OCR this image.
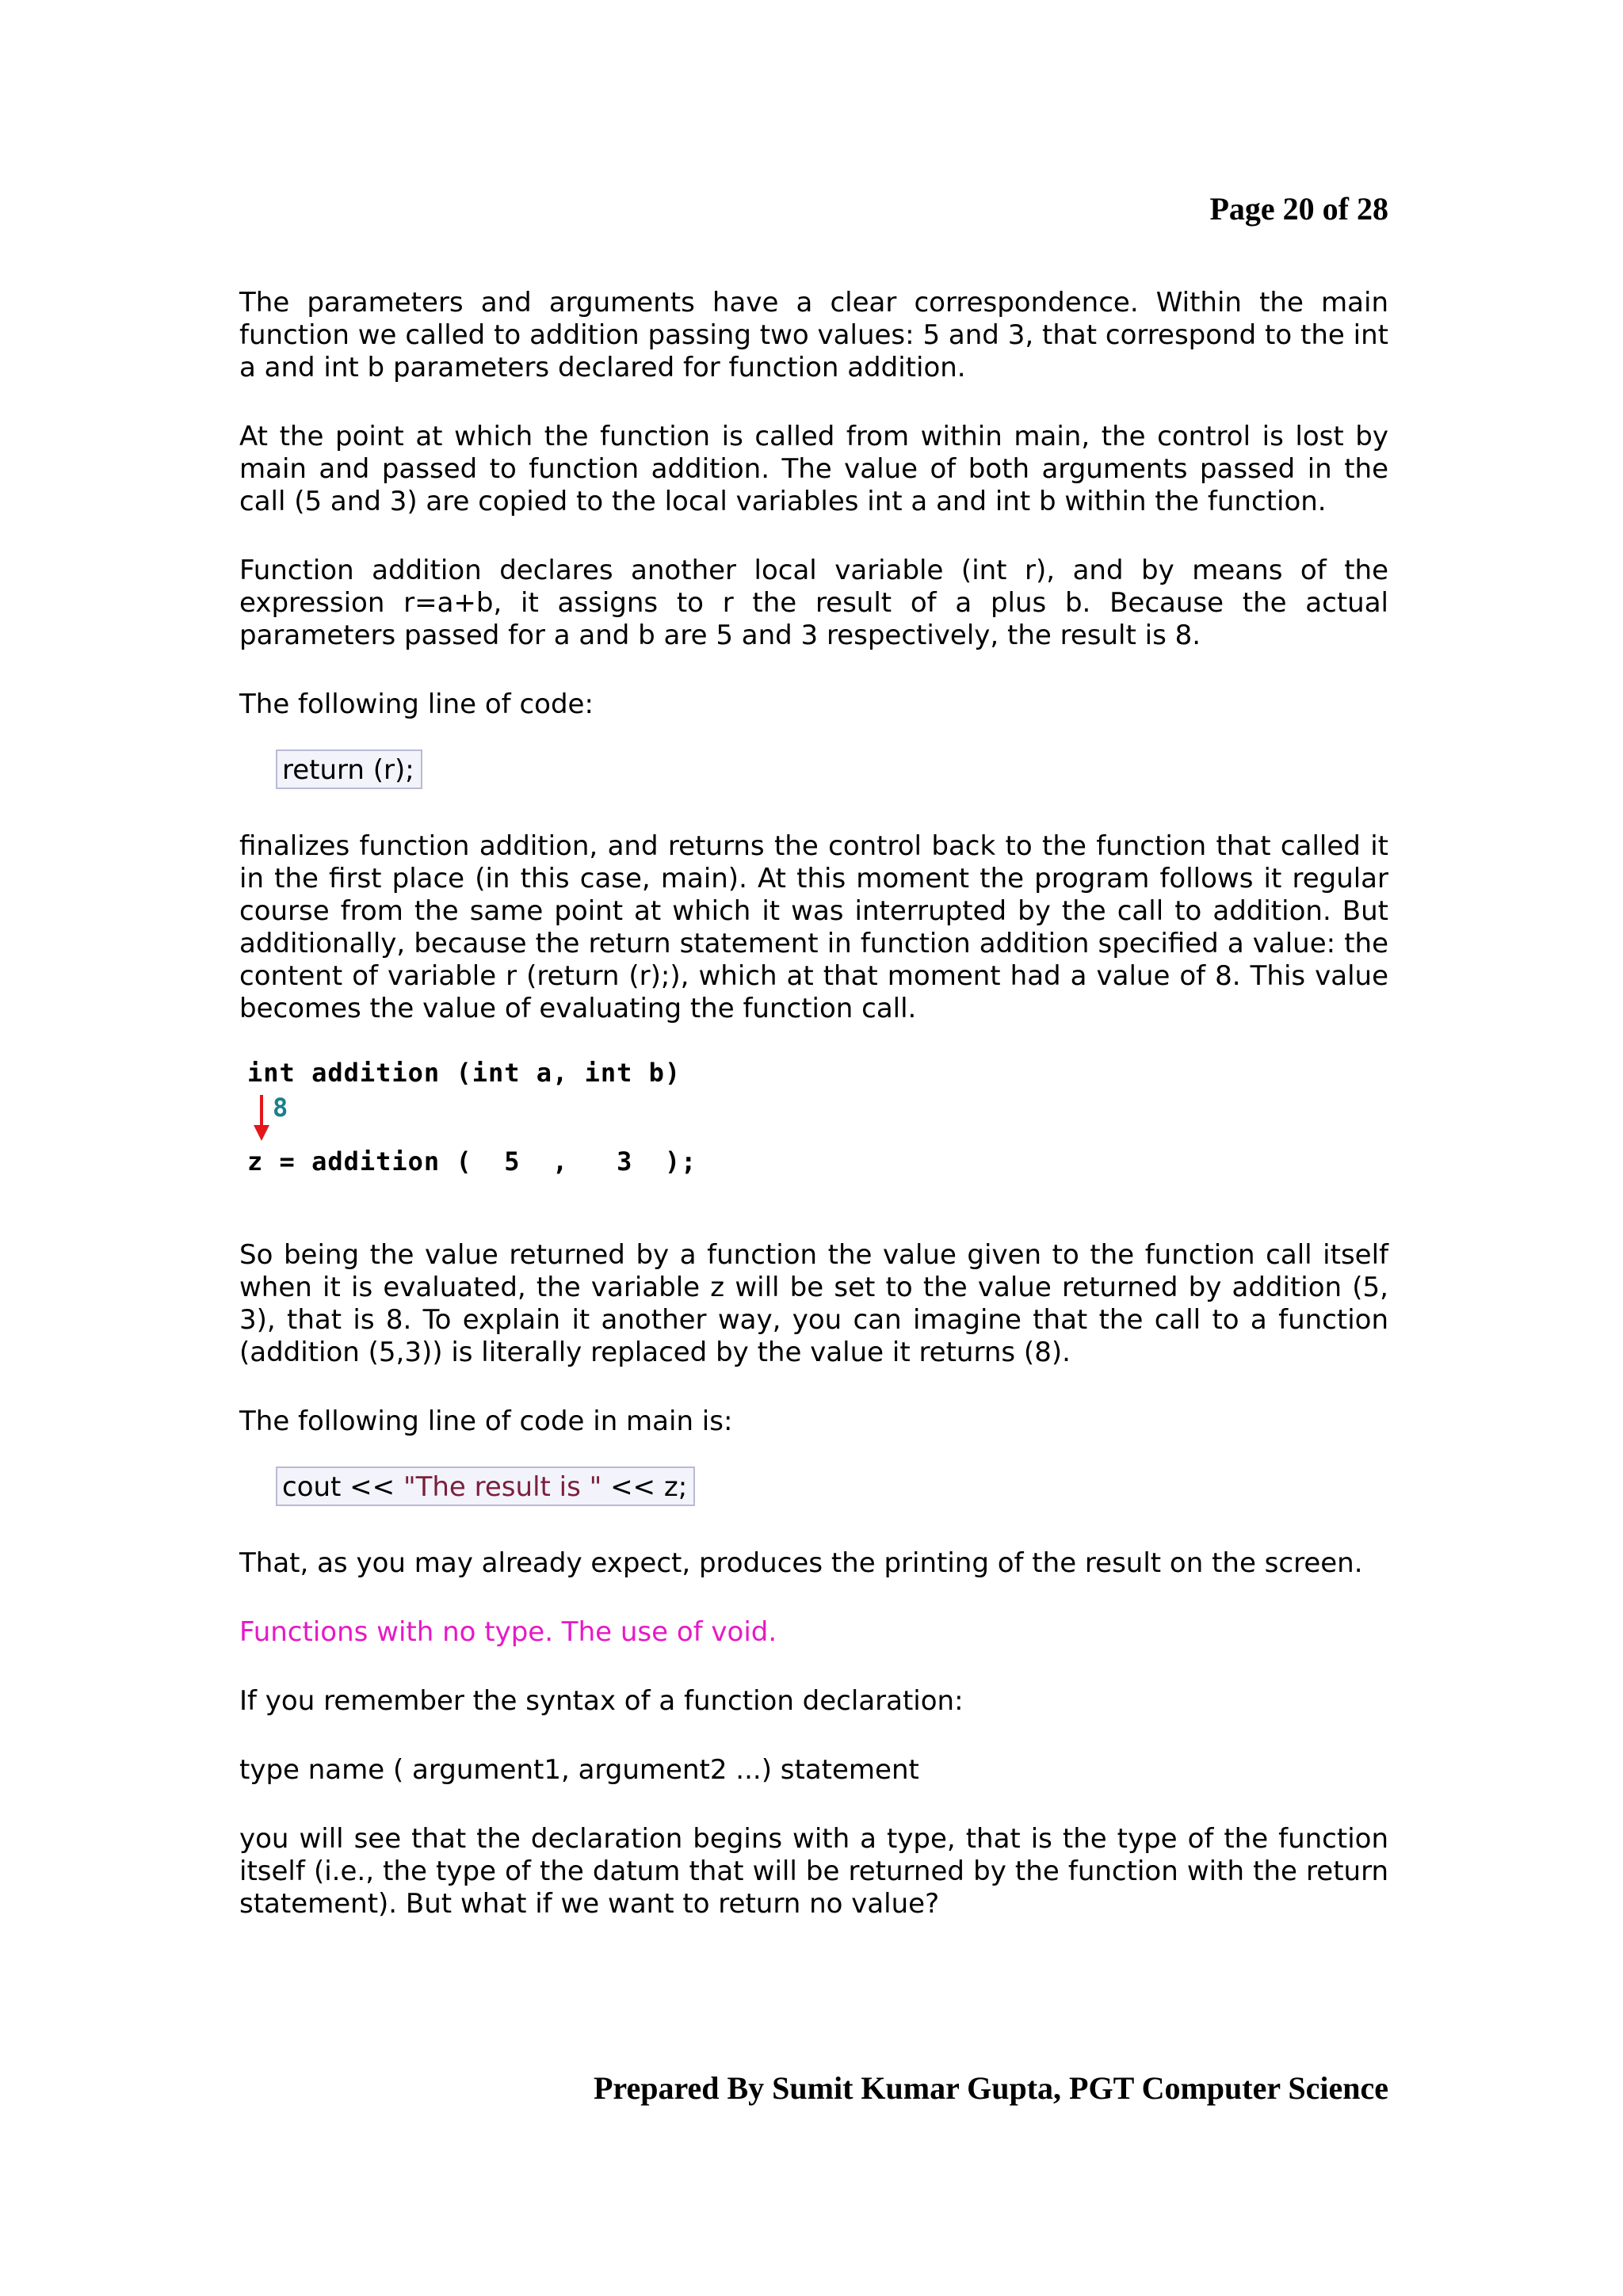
Page 20 of 28

The parameters and arguments have a clear correspondence. Within the main function we called to addition passing two values: 5 and 3, that correspond to the int a and int b parameters declared for function addition.

At the point at which the function is called from within main, the control is lost by main and passed to function addition. The value of both arguments passed in the call (5 and 3) are copied to the local variables int a and int b within the function.

Function addition declares another local variable (int r), and by means of the expression r=a+b, it assigns to r the result of a plus b. Because the actual parameters passed for a and b are 5 and 3 respectively, the result is 8.

The following line of code:

return (r);

finalizes function addition, and returns the control back to the function that called it in the first place (in this case, main). At this moment the program follows it regular course from the same point at which it was interrupted by the call to addition. But additionally, because the return statement in function addition specified a value: the content of variable r (return (r);), which at that moment had a value of 8. This value becomes the value of evaluating the function call.

int addition (int a, int b)
8
z = addition (  5  ,   3  );

So being the value returned by a function the value given to the function call itself when it is evaluated, the variable z will be set to the value returned by addition (5, 3), that is 8. To explain it another way, you can imagine that the call to a function (addition (5,3)) is literally replaced by the value it returns (8).

The following line of code in main is:

cout << "The result is " << z;

That, as you may already expect, produces the printing of the result on the screen.

Functions with no type. The use of void.

If you remember the syntax of a function declaration:

type name ( argument1, argument2 ...) statement

you will see that the declaration begins with a type, that is the type of the function itself (i.e., the type of the datum that will be returned by the function with the return statement). But what if we want to return no value?

Prepared By Sumit Kumar Gupta, PGT Computer Science
